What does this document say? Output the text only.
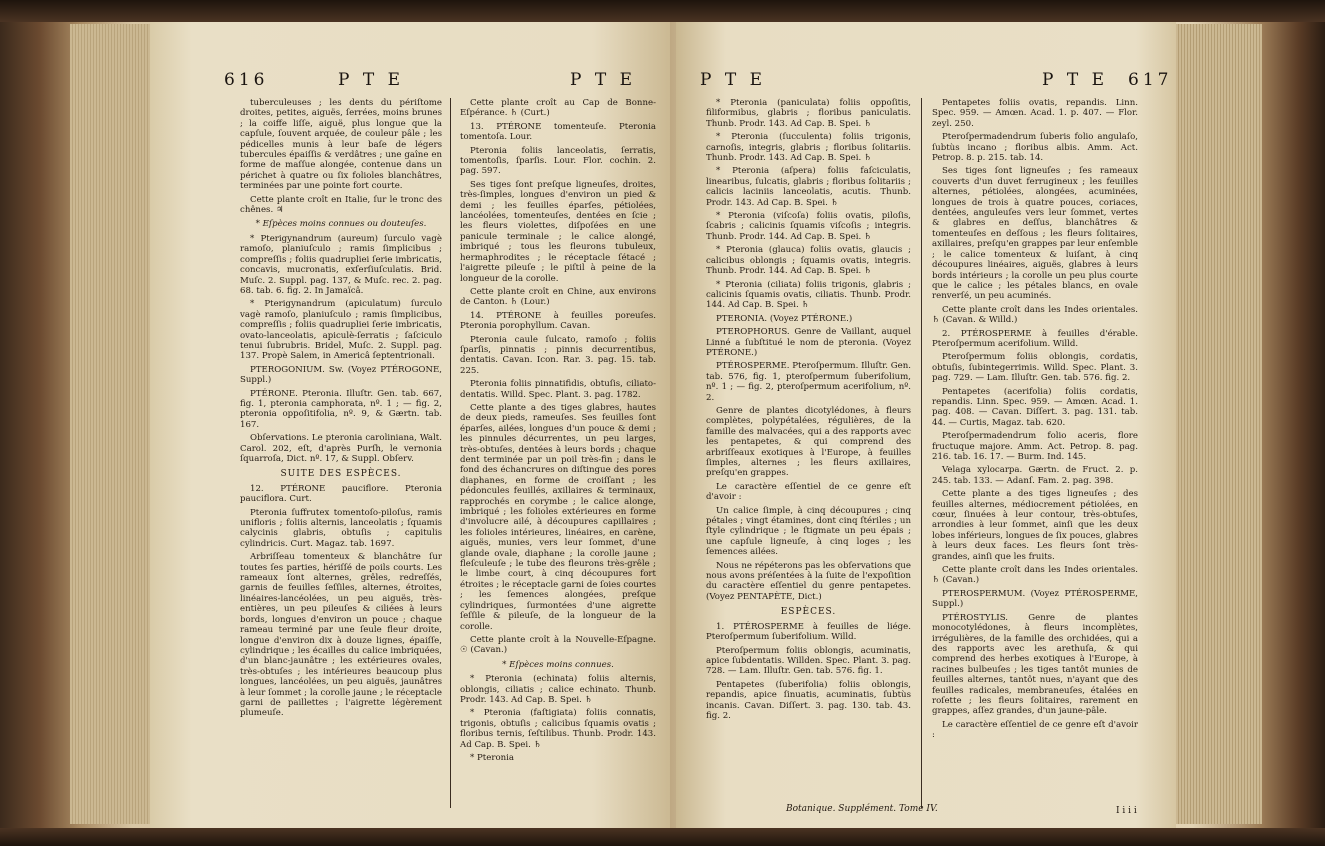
616	P T E	P T E

tuberculeuses ; les dents du périſtome droites, petites, aiguës, ſerrées, moins brunes ; la coiffe liſſe, aiguë, plus longue que la capſule, ſouvent arquée, de couleur pâle ; les pédicelles munis à leur baſe de légers tubercules épaiſſis & verdâtres ; une gaîne en forme de maſſue alongée, contenue dans un périchet à quatre ou ſix folioles blanchâtres, terminées par une pointe fort courte.

Cette plante croît en Italie, ſur le tronc des chênes. ♃

* Eſpèces moins connues ou douteuſes.

* Pterigynandrum (aureum) ſurculo vagè ramoſo, planiuſculo ; ramis ſimplicibus ; compreſſis ; foliis quadrupliei ſerie imbricatis, concavis, mucronatis, exſerſiuſculatis. Brid. Muſc. 2. Suppl. pag. 137, & Muſc. rec. 2. pag. 68. tab. 6. fig. 2. In Jamaïcâ.

* Pterigynandrum (apiculatum) ſurculo vagè ramoſo, planiuſculo ; ramis ſimplicibus, compreſſis ; foliis quadrupliei ſerie imbricatis, ovato-lanceolatis, apiculè-ſerratis ; ſaſciculo tenui ſubrubris. Bridel, Muſc. 2. Suppl. pag. 137. Propè Salem, in Americâ ſeptentrionali.

PTEROGONIUM. Sw. (Voyez PTÉROGONE, Suppl.)

PTÉRONE. Pteronia. Illuſtr. Gen. tab. 667, fig. 1, pteronia camphorata, nº. 1 ; — fig. 2, pteronia oppoſitifolia, nº. 9, & Gærtn. tab. 167.

Obſervations. Le pteronia caroliniana, Walt. Carol. 202, eſt, d'après Purſh, le vernonia ſquarroſa, Dict. nº. 17, & Suppl. Obſerv.

SUITE DES ESPÈCES.

12. PTÉRONE pauciflore. Pteronia pauciflora. Curt.

Pteronia ſuffrutex tomentoſo-piloſus, ramis unifloris ; foliis alternis, lanceolatis ; ſquamis calycinis glabris, obtuſis ; capitulis cylindricis. Curt. Magaz. tab. 1697.

Arbriſſeau tomenteux & blanchâtre ſur toutes ſes parties, hériſſé de poils courts. Les rameaux ſont alternes, grêles, redreſſés, garnis de feuilles ſeſſiles, alternes, étroites, linéaires-lancéolées, un peu aiguës, très-entières, un peu pileuſes & ciliées à leurs bords, longues d'environ un pouce ; chaque rameau terminé par une ſeule fleur droite, longue d'environ dix à douze lignes, épaiſſe, cylindrique ; les écailles du calice imbriquées, d'un blanc-jaunâtre ; les extérieures ovales, très-obtuſes ; les intérieures beaucoup plus longues, lancéolées, un peu aiguës, jaunâtres à leur ſommet ; la corolle jaune ; le réceptacle garni de paillettes ; l'aigrette légèrement plumeuſe.

Cette plante croît au Cap de Bonne-Eſpérance. ♄ (Curt.)

13. PTÉRONE tomenteuſe. Pteronia tomentoſa. Lour.

Pteronia foliis lanceolatis, ſerratis, tomentoſis, ſparſis. Lour. Flor. cochin. 2. pag. 597.

Ses tiges ſont preſque ligneuſes, droites, très-ſimples, longues d'environ un pied & demi ; les feuilles éparſes, pétiolées, lancéolées, tomenteuſes, dentées en ſcie ; les fleurs violettes, diſpoſées en une panicule terminale ; le calice alongé, imbriqué ; tous les fleurons tubuleux, hermaphrodites ; le réceptacle ſétacé ; l'aigrette pileuſe ; le piſtil à peine de la longueur de la corolle.

Cette plante croît en Chine, aux environs de Canton. ♄ (Lour.)

14. PTÉRONE à feuilles poreuſes. Pteronia porophyllum. Cavan.

Pteronia caule ſulcato, ramoſo ; foliis ſparſis, pinnatis ; pinnis decurrentibus, dentatis. Cavan. Icon. Rar. 3. pag. 15. tab. 225.

Pteronia foliis pinnatifidis, obtuſis, ciliato-dentatis. Willd. Spec. Plant. 3. pag. 1782.

Cette plante a des tiges glabres, hautes de deux pieds, rameuſes. Ses feuilles ſont éparſes, ailées, longues d'un pouce & demi ; les pinnules décurrentes, un peu larges, très-obtuſes, dentées à leurs bords ; chaque dent terminée par un poil très-fin ; dans le fond des échancrures on diſtingue des pores diaphanes, en forme de croiſſant ; les pédoncules feuillés, axillaires & terminaux, rapprochés en corymbe ; le calice alonge, imbriqué ; les folioles extérieures en forme d'involucre ailé, à découpures capillaires ; les folioles intérieures, linéaires, en carène, aiguës, munies, vers leur ſommet, d'une glande ovale, diaphane ; la corolle jaune ; fleſculeuſe ; le tube des fleurons très-grêle ; le limbe court, à cinq découpures fort étroites ; le réceptacle garni de ſoies courtes ; les ſemences alongées, preſque cylindriques, ſurmontées d'une aigrette ſeſſile & pileuſe, de la longueur de la corolle.

Cette plante croît à la Nouvelle-Eſpagne. ☉ (Cavan.)

* Eſpèces moins connues.

* Pteronia (echinata) foliis alternis, oblongis, ciliatis ; calice echinato. Thunb. Prodr. 143. Ad Cap. B. Spei. ♄

* Pteronia (faſtigiata) foliis connatis, trigonis, obtuſis ; calicibus ſquamis ovatis ; floribus ternis, ſeſtilibus. Thunb. Prodr. 143. Ad Cap. B. Spei. ♄

* Pteronia

P T E	P T E 617

* Pteronia (paniculata) foliis oppoſitis, filiformibus, glabris ; floribus paniculatis. Thunb. Prodr. 143. Ad Cap. B. Spei. ♄

* Pteronia (ſucculenta) foliis trigonis, carnoſis, integris, glabris ; floribus ſolitariis. Thunb. Prodr. 143. Ad Cap. B. Spei. ♄

* Pteronia (aſpera) foliis faſciculatis, linearibus, ſulcatis, glabris ; floribus ſolitariis ; calicis laciniis lanceolatis, acutis. Thunb. Prodr. 143. Ad Cap. B. Spei. ♄

* Pteronia (viſcoſa) foliis ovatis, piloſis, ſcabris ; calicinis ſquamis viſcoſis ; integris. Thunb. Prodr. 144. Ad Cap. B. Spei. ♄

* Pteronia (glauca) foliis ovatis, glaucis ; calicibus oblongis ; ſquamis ovatis, integris. Thunb. Prodr. 144. Ad Cap. B. Spei. ♄

* Pteronia (ciliata) foliis trigonis, glabris ; calicinis ſquamis ovatis, ciliatis. Thunb. Prodr. 144. Ad Cap. B. Spei. ♄

PTERONIA. (Voyez PTÉRONE.)

PTEROPHORUS. Genre de Vaillant, auquel Linné a ſubſtitué le nom de pteronia. (Voyez PTÉRONE.)

PTÉROSPERME. Pteroſpermum. Illuſtr. Gen. tab. 576, fig. 1, pteroſpermum ſuberifolium, nº. 1 ; — fig. 2, pteroſpermum acerifolium, nº. 2.

Genre de plantes dicotylédones, à fleurs complètes, polypétalées, régulières, de la famille des malvacées, qui a des rapports avec les pentapetes, & qui comprend des arbriſſeaux exotiques à l'Europe, à feuilles ſimples, alternes ; les fleurs axillaires, preſqu'en grappes.

Le caractère eſſentiel de ce genre eſt d'avoir :

Un calice ſimple, à cinq découpures ; cinq pétales ; vingt étamines, dont cinq ſtériles ; un ſtyle cylindrique ; le ſtigmate un peu épais ; une capſule ligneuſe, à cinq loges ; les ſemences ailées.

Nous ne répéterons pas les obſervations que nous avons préſentées à la ſuite de l'expoſition du caractère eſſentiel du genre pentapetes. (Voyez PENTAPÈTE, Dict.)

ESPÈCES.

1. PTÉROSPERME à feuilles de liége. Pteroſpermum ſuberifolium. Willd.

Pteroſpermum foliis oblongis, acuminatis, apice ſubdentatis. Willden. Spec. Plant. 3. pag. 728. — Lam. Illuſtr. Gen. tab. 576. fig. 1.

Pentapetes (ſuberifolia) foliis oblongis, repandis, apice ſinuatis, acuminatis, ſubtùs incanis. Cavan. Diſſert. 3. pag. 130. tab. 43. fig. 2.

Pentapetes foliis ovatis, repandis. Linn. Spec. 959. — Amœn. Acad. 1. p. 407. — Flor. zeyl. 250.

Pteroſpermadendrum ſuberis folio angulaſo, ſubtùs incano ; floribus albis. Amm. Act. Petrop. 8. p. 215. tab. 14.

Ses tiges ſont ligneuſes ; ſes rameaux couverts d'un duvet ferrugineux ; les feuilles alternes, pétiolées, alongées, acuminées, longues de trois à quatre pouces, coriaces, dentées, anguleuſes vers leur ſommet, vertes & glabres en deſſus, blanchâtres & tomenteuſes en deſſous ; les fleurs ſolitaires, axillaires, preſqu'en grappes par leur enſemble ; le calice tomenteux & luiſant, à cinq découpures linéaires, aiguës, glabres à leurs bords intérieurs ; la corolle un peu plus courte que le calice ; les pétales blancs, en ovale renverſé, un peu acuminés.

Cette plante croît dans les Indes orientales. ♄ (Cavan. & Willd.)

2. PTÉROSPERME à feuilles d'érable. Pteroſpermum acerifolium. Willd.

Pteroſpermum foliis oblongis, cordatis, obtuſis, ſubintegerrimis. Willd. Spec. Plant. 3. pag. 729. — Lam. Illuſtr. Gen. tab. 576. fig. 2.

Pentapetes (acerifolia) foliis cordatis, repandis. Linn. Spec. 959. — Amœn. Acad. 1. pag. 408. — Cavan. Diſſert. 3. pag. 131. tab. 44. — Curtis, Magaz. tab. 620.

Pteroſpermadendrum folio aceris, flore fructuque majore. Amm. Act. Petrop. 8. pag. 216. tab. 16. 17. — Burm. Ind. 145.

Velaga xylocarpa. Gærtn. de Fruct. 2. p. 245. tab. 133. — Adanſ. Fam. 2. pag. 398.

Cette plante a des tiges ligneuſes ; des feuilles alternes, médiocrement pétiolées, en cœur, ſinuées à leur contour, très-obtuſes, arrondies à leur ſommet, ainſi que les deux lobes inférieurs, longues de ſix pouces, glabres à leurs deux faces. Les fleurs ſont très-grandes, ainſi que les fruits.

Cette plante croît dans les Indes orientales. ♄ (Cavan.)

PTEROSPERMUM. (Voyez PTÉROSPERME, Suppl.)

PTÉROSTYLIS. Genre de plantes monocotylédones, à fleurs incomplètes, irrégulières, de la famille des orchidées, qui a des rapports avec les arethuſa, & qui comprend des herbes exotiques à l'Europe, à racines bulbeuſes ; les tiges tantôt munies de feuilles alternes, tantôt nues, n'ayant que des feuilles radicales, membraneuſes, étalées en roſette ; les fleurs ſolitaires, rarement en grappes, aſſez grandes, d'un jaune-pâle.

Le caractère eſſentiel de ce genre eſt d'avoir :

Botanique. Supplément. Tome IV.	I i i i
